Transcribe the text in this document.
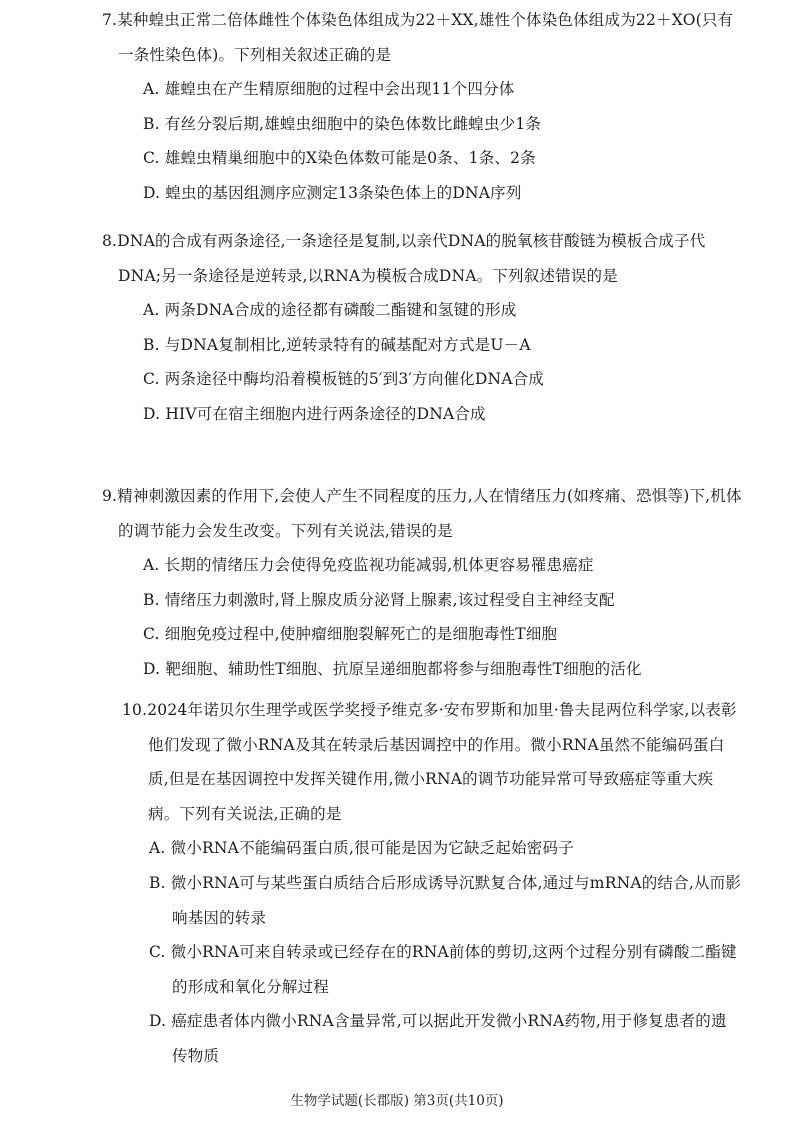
7.某种蝗虫正常二倍体雌性个体染色体组成为22＋XX,雄性个体染色体组成为22＋XO(只有一条性染色体)。下列相关叙述正确的是

A. 雄蝗虫在产生精原细胞的过程中会出现11个四分体

B. 有丝分裂后期,雄蝗虫细胞中的染色体数比雌蝗虫少1条

C. 雄蝗虫精巢细胞中的X染色体数可能是0条、1条、2条

D. 蝗虫的基因组测序应测定13条染色体上的DNA序列

8.DNA的合成有两条途径,一条途径是复制,以亲代DNA的脱氧核苷酸链为模板合成子代DNA;另一条途径是逆转录,以RNA为模板合成DNA。下列叙述错误的是

A. 两条DNA合成的途径都有磷酸二酯键和氢键的形成

B. 与DNA复制相比,逆转录特有的碱基配对方式是U－A

C. 两条途径中酶均沿着模板链的5′到3′方向催化DNA合成

D. HIV可在宿主细胞内进行两条途径的DNA合成

9.精神刺激因素的作用下,会使人产生不同程度的压力,人在情绪压力(如疼痛、恐惧等)下,机体的调节能力会发生改变。下列有关说法,错误的是

A. 长期的情绪压力会使得免疫监视功能减弱,机体更容易罹患癌症

B. 情绪压力刺激时,肾上腺皮质分泌肾上腺素,该过程受自主神经支配

C. 细胞免疫过程中,使肿瘤细胞裂解死亡的是细胞毒性T细胞

D. 靶细胞、辅助性T细胞、抗原呈递细胞都将参与细胞毒性T细胞的活化

10.2024年诺贝尔生理学或医学奖授予维克多·安布罗斯和加里·鲁夫昆两位科学家,以表彰他们发现了微小RNA及其在转录后基因调控中的作用。微小RNA虽然不能编码蛋白质,但是在基因调控中发挥关键作用,微小RNA的调节功能异常可导致癌症等重大疾病。下列有关说法,正确的是

A. 微小RNA不能编码蛋白质,很可能是因为它缺乏起始密码子

B. 微小RNA可与某些蛋白质结合后形成诱导沉默复合体,通过与mRNA的结合,从而影响基因的转录

C. 微小RNA可来自转录或已经存在的RNA前体的剪切,这两个过程分别有磷酸二酯键的形成和氧化分解过程

D. 癌症患者体内微小RNA含量异常,可以据此开发微小RNA药物,用于修复患者的遗传物质

生物学试题(长郡版) 第3页(共10页)
